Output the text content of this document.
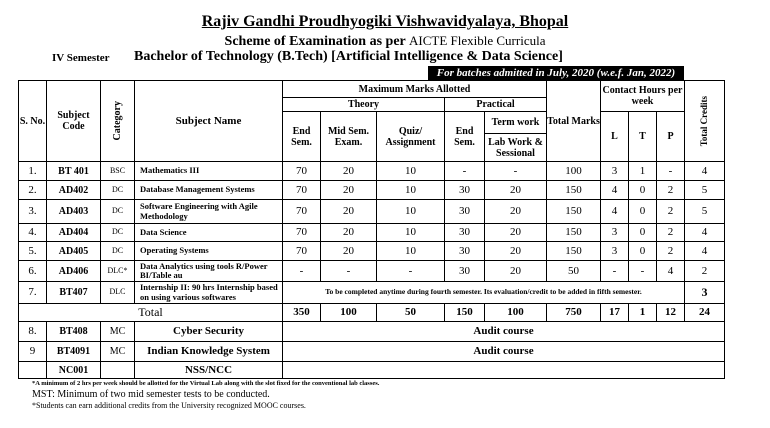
Rajiv Gandhi Proudhyogiki Vishwavidyalaya, Bhopal
Scheme of Examination as per AICTE Flexible Curricula
IV Semester Bachelor of Technology (B.Tech) [Artificial Intelligence & Data Science]
For batches admitted in July, 2020 (w.e.f. Jan, 2022)
S. No.	Subject Code	Category	Subject Name	Maximum Marks Allotted					Total Marks	Contact Hours per week			Total Credits

				Theory			Practical						
				End Sem.	Mid Sem. Exam.	Quiz/ Assignment	End Sem.	Term work		L	T	P	
								Lab Work & Sessional					
1.	BT 401	BSC	Mathematics III	70	20	10	-	-	100	3	1	-	4
2.	AD402	DC	Database Management Systems	70	20	10	30	20	150	4	0	2	5
3.	AD403	DC	Software Engineering with Agile Methodology	70	20	10	30	20	150	4	0	2	5
4.	AD404	DC	Data Science	70	20	10	30	20	150	3	0	2	4
5.	AD405	DC	Operating Systems	70	20	10	30	20	150	3	0	2	4
6.	AD406	DLC*	Data Analytics using tools R/Power BI/Table au	-	-	-	30	20	50	-	-	4	2
7.	BT407	DLC	Internship II: 90 hrs Internship based on using various softwares	To be completed anytime during fourth semester. Its evaluation/credit to be added in fifth semester.									3
Total				350	100	50	150	100	750	17	1	12	24
8.	BT408	MC	Cyber Security	Audit course									
9	BT4091	MC	Indian Knowledge System	Audit course									
	NC001		NSS/NCC										
*A minimum of 2 hrs per week should be allotted for the Virtual Lab along with the slot fixed for the conventional lab classes.
MST: Minimum of two mid semester tests to be conducted.
*Students can earn additional credits from the University recognized MOOC courses.
